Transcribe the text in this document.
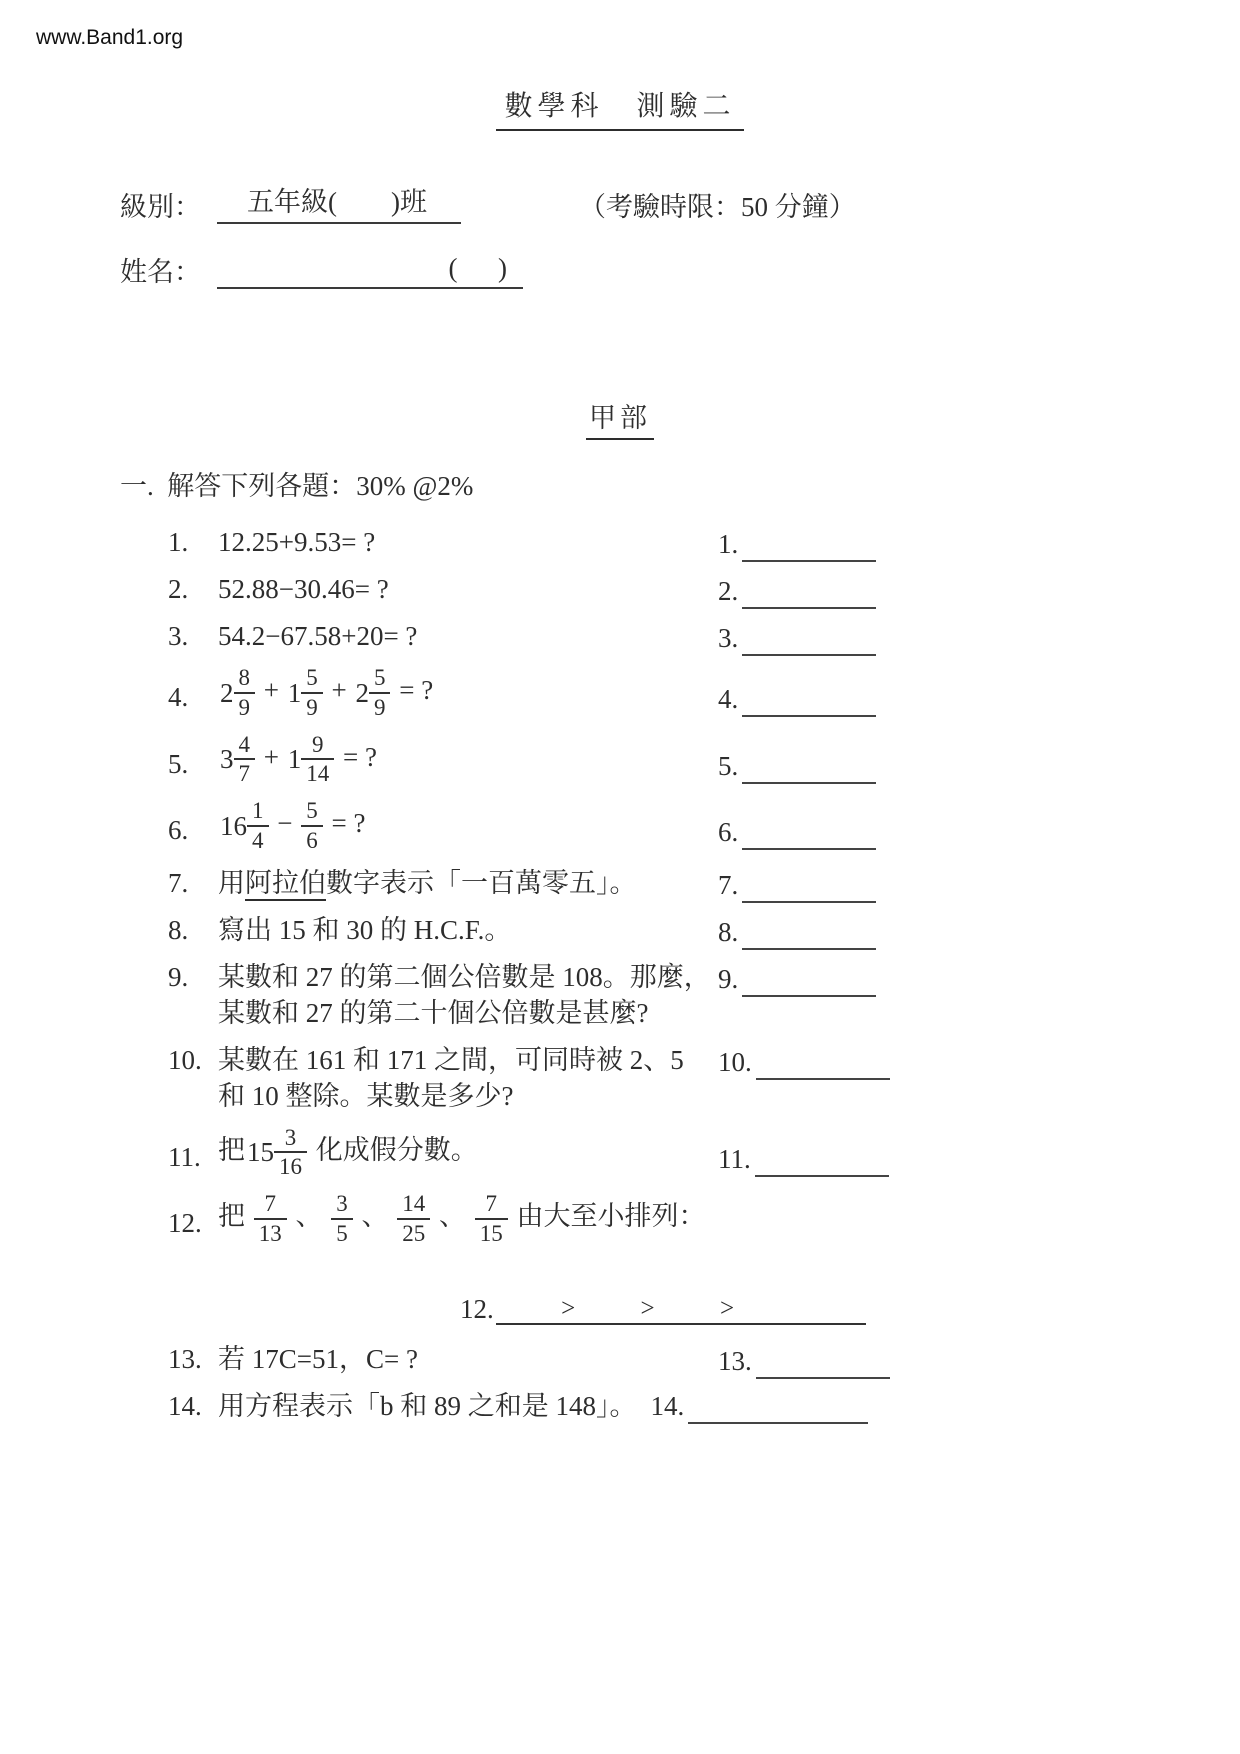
www.Band1.org
數學科　測驗二
級別：	五年級(        )班	（考驗時限：50 分鐘）
姓名：	(      )
甲部
一.  解答下列各題：30% @2%
1.	12.25+9.53= ?	1.
2.	52.88−30.46= ?	2.
3.	54.2−67.58+20= ?	3.
4.	$2 \frac{8}{9} + 1 \frac{5}{9} + 2 \frac{5}{9}$ = ?	4.
5.	$3 \frac{4}{7} + 1 \frac{9}{14}$ = ?	5.
6.	$16 \frac{1}{4} - \frac{5}{6}$ = ?	6.
7.	用阿拉伯數字表示「一百萬零五」。	7.
8.	寫出 15 和 30 的 H.C.F.。	8.
9.	某數和 27 的第二個公倍數是 108。那麼，
某數和 27 的第二十個公倍數是甚麼?
9.
10. 某數在 161 和 171 之間，可同時被 2、5
和 10 整除。某數是多少?
10.
11. 把 $15 \frac{3}{16}$ 化成假分數。	11.
12. 把 $\frac{7}{13}$ 、 $\frac{3}{5}$ 、 $\frac{14}{25}$ 、 $\frac{7}{15}$ 由大至小排列：
12.	>	>	>
13. 若 17C=51，C= ?	13.
14. 用方程表示「b 和 89 之和是 148」。 14.
